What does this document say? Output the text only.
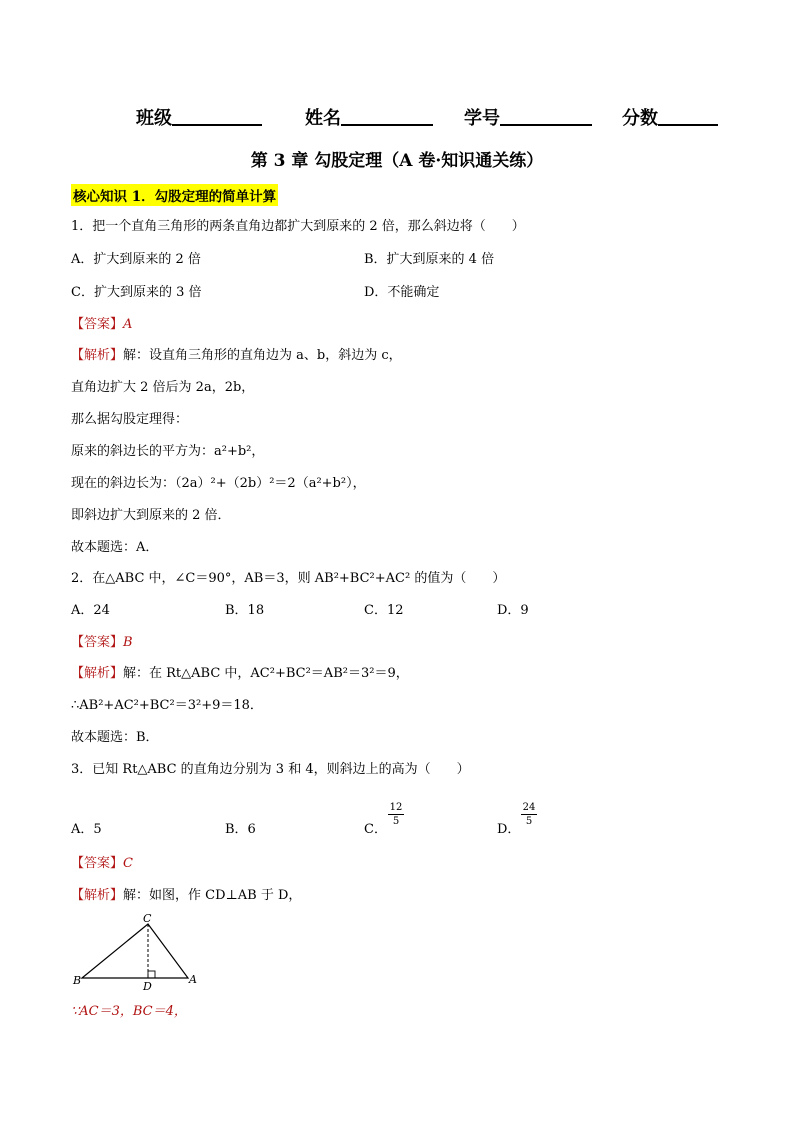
班级	姓名	学号	分数
第 3 章 勾股定理（A 卷·知识通关练）
核心知识 1．勾股定理的简单计算
1．把一个直角三角形的两条直角边都扩大到原来的 2 倍，那么斜边将（　　）
A．扩大到原来的 2 倍	B．扩大到原来的 4 倍
C．扩大到原来的 3 倍	D．不能确定
【答案】A
【解析】解：设直角三角形的直角边为 a、b，斜边为 c，
直角边扩大 2 倍后为 2a，2b，
那么据勾股定理得：
原来的斜边长的平方为：a²+b²，
现在的斜边长为：（2a）²+（2b）²＝2（a²+b²），
即斜边扩大到原来的 2 倍．
故本题选：A．
2．在△ABC 中，∠C＝90°，AB＝3，则 AB²+BC²+AC² 的值为（　　）
A．24	B．18	C．12	D．9
【答案】B
【解析】解：在 Rt△ABC 中，AC²+BC²＝AB²＝3²＝9，
∴AB²+AC²+BC²＝3²+9＝18．
故本题选：B．
3．已知 Rt△ABC 的直角边分别为 3 和 4，则斜边上的高为（　　）
A．5	B．6	C．
12
5
D．
24
5
【答案】C
【解析】解：如图，作 CD⊥AB 于 D，
C
B	D
A
∵AC＝3，BC＝4，
